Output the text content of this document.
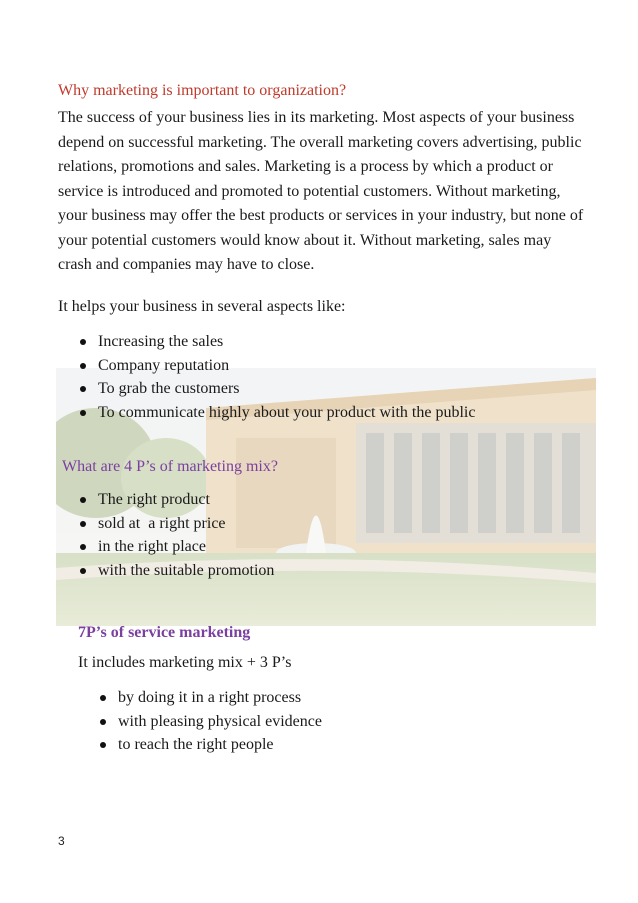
Why marketing is important to organization?

The success of your business lies in its marketing. Most aspects of your business depend on successful marketing. The overall marketing covers advertising, public relations, promotions and sales. Marketing is a process by which a product or service is introduced and promoted to potential customers. Without marketing, your business may offer the best products or services in your industry, but none of your potential customers would know about it. Without marketing, sales may crash and companies may have to close.

It helps your business in several aspects like:

Increasing the sales
Company reputation
To grab the customers
To communicate highly about your product with the public

What are 4 P’s of marketing mix?

The right product
sold at  a right price
in the right place
with the suitable promotion

7P’s of service marketing

It includes marketing mix + 3 P’s

by doing it in a right process
with pleasing physical evidence
to reach the right people
3
